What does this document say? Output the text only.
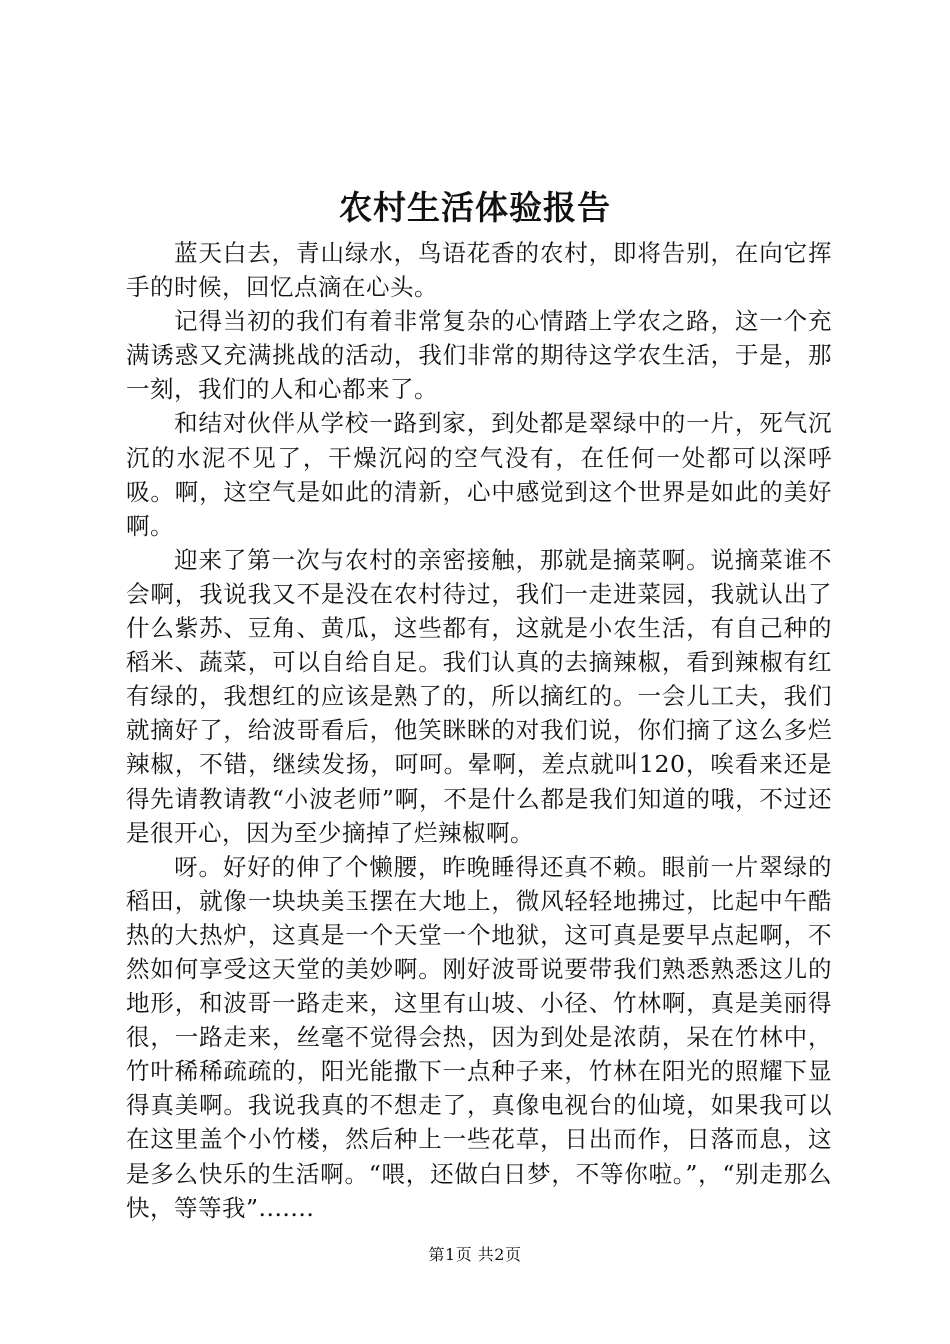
农村生活体验报告

蓝天白去，青山绿水，鸟语花香的农村，即将告别，在向它挥手的时候，回忆点滴在心头。

记得当初的我们有着非常复杂的心情踏上学农之路，这一个充满诱惑又充满挑战的活动，我们非常的期待这学农生活，于是，那一刻，我们的人和心都来了。

和结对伙伴从学校一路到家，到处都是翠绿中的一片，死气沉沉的水泥不见了，干燥沉闷的空气没有，在任何一处都可以深呼吸。啊，这空气是如此的清新，心中感觉到这个世界是如此的美好啊。

迎来了第一次与农村的亲密接触，那就是摘菜啊。说摘菜谁不会啊，我说我又不是没在农村待过，我们一走进菜园，我就认出了什么紫苏、豆角、黄瓜，这些都有，这就是小农生活，有自己种的稻米、蔬菜，可以自给自足。我们认真的去摘辣椒，看到辣椒有红有绿的，我想红的应该是熟了的，所以摘红的。一会儿工夫，我们就摘好了，给波哥看后，他笑眯眯的对我们说，你们摘了这么多烂辣椒，不错，继续发扬，呵呵。晕啊，差点就叫120，唉看来还是得先请教请教“小波老师”啊，不是什么都是我们知道的哦，不过还是很开心，因为至少摘掉了烂辣椒啊。

呀。好好的伸了个懒腰，昨晚睡得还真不赖。眼前一片翠绿的稻田，就像一块块美玉摆在大地上，微风轻轻地拂过，比起中午酷热的大热炉，这真是一个天堂一个地狱，这可真是要早点起啊，不然如何享受这天堂的美妙啊。刚好波哥说要带我们熟悉熟悉这儿的地形，和波哥一路走来，这里有山坡、小径、竹林啊，真是美丽得很，一路走来，丝毫不觉得会热，因为到处是浓荫，呆在竹林中，竹叶稀稀疏疏的，阳光能撒下一点种子来，竹林在阳光的照耀下显得真美啊。我说我真的不想走了，真像电视台的仙境，如果我可以在这里盖个小竹楼，然后种上一些花草，日出而作，日落而息，这是多么快乐的生活啊。“喂，还做白日梦，不等你啦。”，“别走那么快，等等我”.......

第1页 共2页
